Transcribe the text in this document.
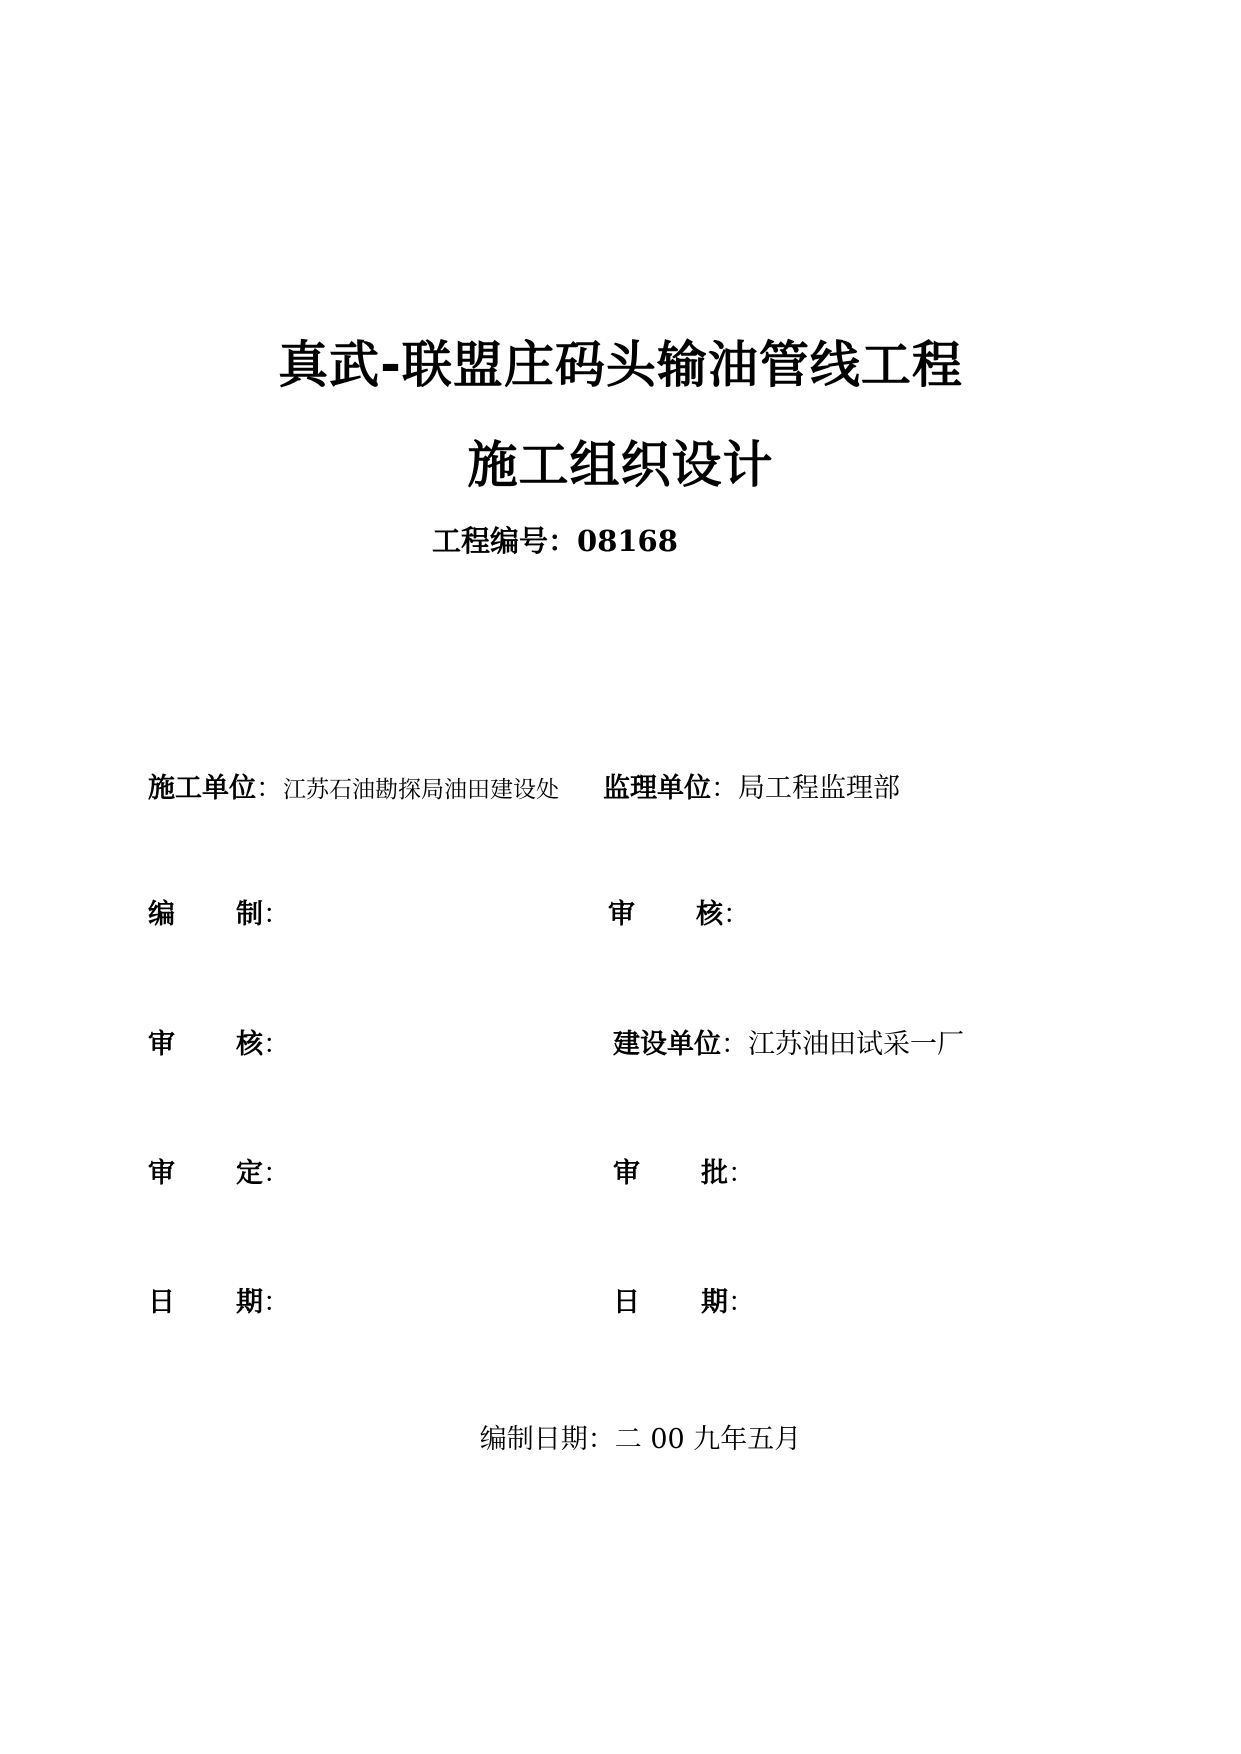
真武-联盟庄码头输油管线工程
施工组织设计
工程编号：08168
施工单位：江苏石油勘探局油田建设处 监理单位：局工程监理部
编 制：	审 核：
审 核：	建设单位：江苏油田试采一厂
审 定：	审 批：
日 期：	日 期：
编制日期：二 00 九年五月
